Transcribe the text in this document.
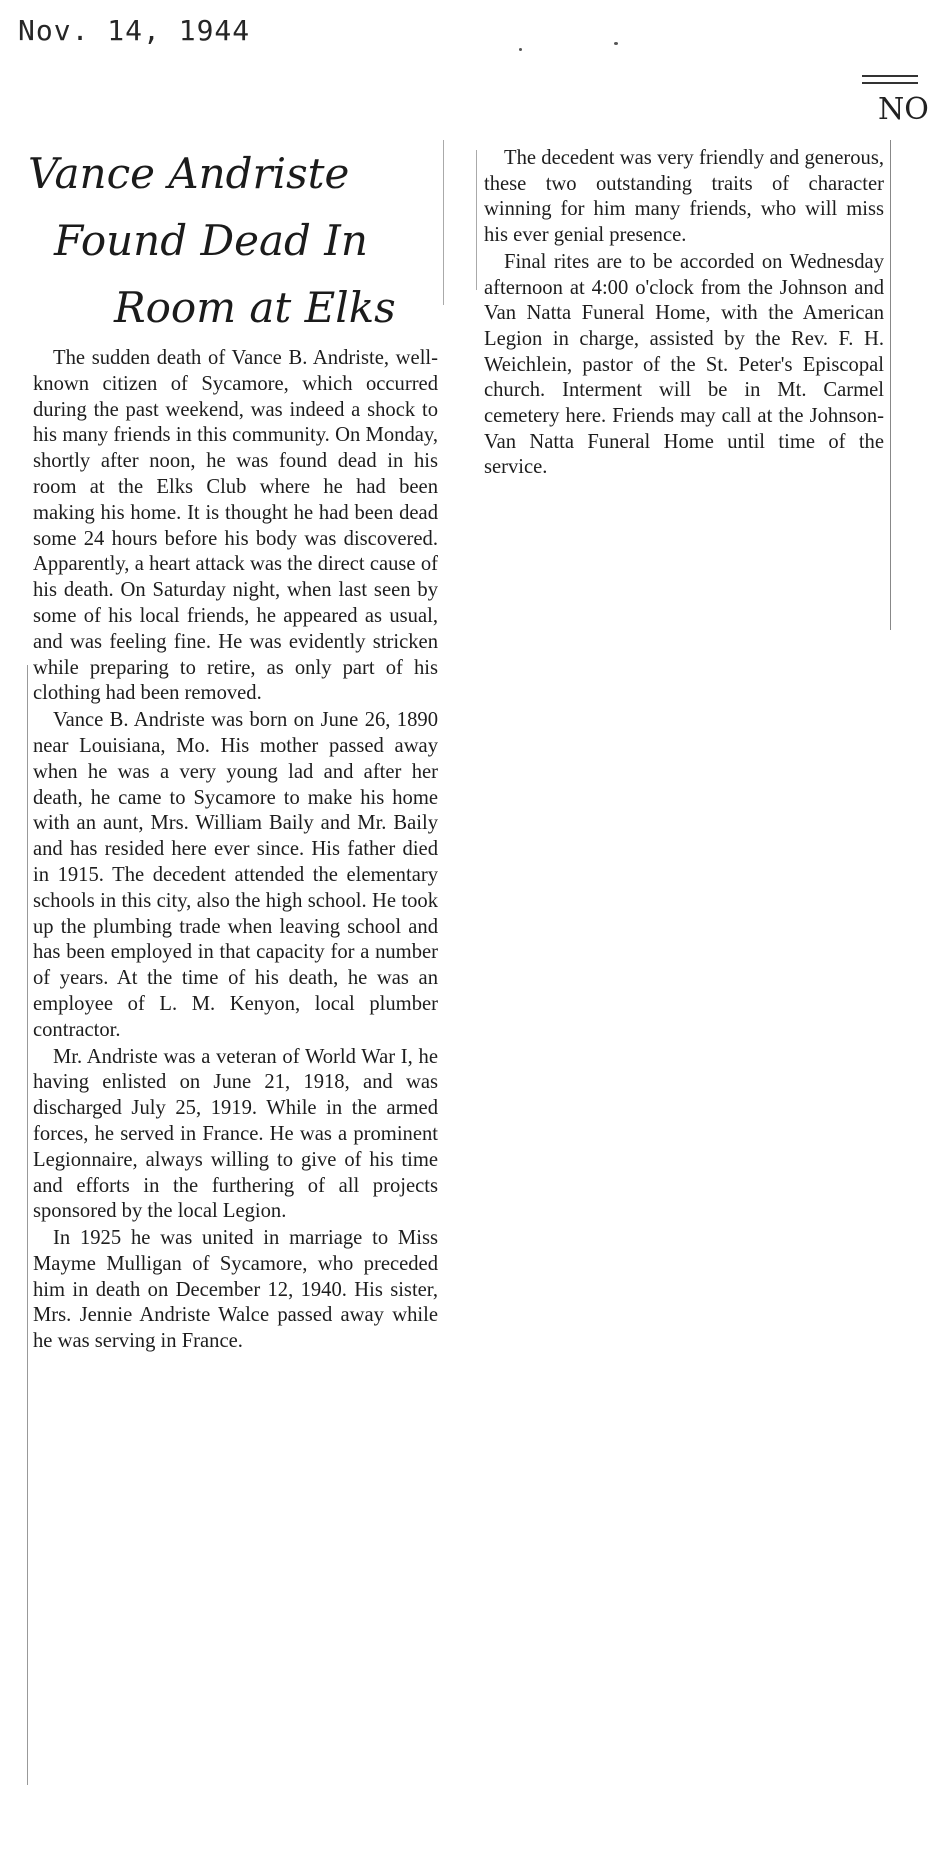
Nov. 14, 1944
NO
Vance Andriste
Found Dead In
Room at Elks

The sudden death of Vance B. Andriste, well-known citizen of Sycamore, which occurred during the past weekend, was indeed a shock to his many friends in this community. On Monday, shortly after noon, he was found dead in his room at the Elks Club where he had been making his home. It is thought he had been dead some 24 hours before his body was discovered. Apparently, a heart attack was the direct cause of his death. On Saturday night, when last seen by some of his local friends, he appeared as usual, and was feeling fine. He was evidently stricken while preparing to retire, as only part of his clothing had been removed.

Vance B. Andriste was born on June 26, 1890 near Louisiana, Mo. His mother passed away when he was a very young lad and after her death, he came to Sycamore to make his home with an aunt, Mrs. William Baily and Mr. Baily and has resided here ever since. His father died in 1915. The decedent attended the elementary schools in this city, also the high school. He took up the plumbing trade when leaving school and has been employed in that capacity for a number of years. At the time of his death, he was an employee of L. M. Kenyon, local plumber contractor.

Mr. Andriste was a veteran of World War I, he having enlisted on June 21, 1918, and was discharged July 25, 1919. While in the armed forces, he served in France. He was a prominent Legionnaire, always willing to give of his time and efforts in the furthering of all projects sponsored by the local Legion.

In 1925 he was united in marriage to Miss Mayme Mulligan of Sycamore, who preceded him in death on December 12, 1940. His sister, Mrs. Jennie Andriste Walce passed away while he was serving in France.

The decedent was very friendly and generous, these two outstanding traits of character winning for him many friends, who will miss his ever genial presence.

Final rites are to be accorded on Wednesday afternoon at 4:00 o'clock from the Johnson and Van Natta Funeral Home, with the American Legion in charge, assisted by the Rev. F. H. Weichlein, pastor of the St. Peter's Episcopal church. Interment will be in Mt. Carmel cemetery here. Friends may call at the Johnson-Van Natta Funeral Home until time of the service.
